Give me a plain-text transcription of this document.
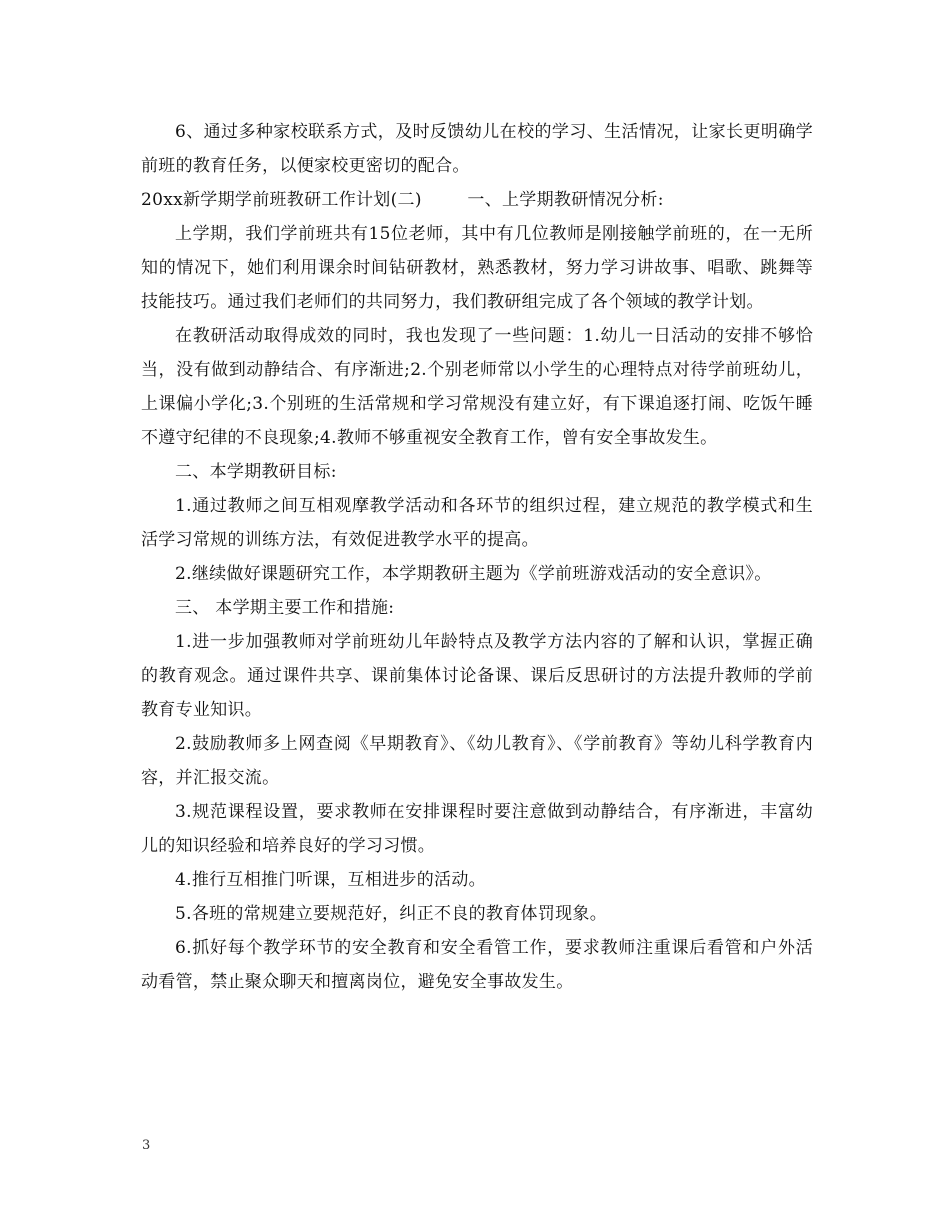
6、通过多种家校联系方式，及时反馈幼儿在校的学习、生活情况，让家长更明确学前班的教育任务，以便家校更密切的配合。

20xx新学期学前班教研工作计划(二)        一、上学期教研情况分析:

上学期，我们学前班共有15位老师，其中有几位教师是刚接触学前班的，在一无所知的情况下，她们利用课余时间钻研教材，熟悉教材，努力学习讲故事、唱歌、跳舞等技能技巧。通过我们老师们的共同努力，我们教研组完成了各个领域的教学计划。

在教研活动取得成效的同时，我也发现了一些问题：1.幼儿一日活动的安排不够恰当，没有做到动静结合、有序渐进;2.个别老师常以小学生的心理特点对待学前班幼儿，上课偏小学化;3.个别班的生活常规和学习常规没有建立好，有下课追逐打闹、吃饭午睡不遵守纪律的不良现象;4.教师不够重视安全教育工作，曾有安全事故发生。

二、本学期教研目标:

1.通过教师之间互相观摩教学活动和各环节的组织过程，建立规范的教学模式和生活学习常规的训练方法，有效促进教学水平的提高。

2.继续做好课题研究工作，本学期教研主题为《学前班游戏活动的安全意识》。

三、 本学期主要工作和措施:

1.进一步加强教师对学前班幼儿年龄特点及教学方法内容的了解和认识，掌握正确的教育观念。通过课件共享、课前集体讨论备课、课后反思研讨的方法提升教师的学前教育专业知识。

2.鼓励教师多上网查阅《早期教育》、《幼儿教育》、《学前教育》等幼儿科学教育内容，并汇报交流。

3.规范课程设置，要求教师在安排课程时要注意做到动静结合，有序渐进，丰富幼儿的知识经验和培养良好的学习习惯。

4.推行互相推门听课，互相进步的活动。

5.各班的常规建立要规范好，纠正不良的教育体罚现象。

6.抓好每个教学环节的安全教育和安全看管工作，要求教师注重课后看管和户外活动看管，禁止聚众聊天和擅离岗位，避免安全事故发生。

3
